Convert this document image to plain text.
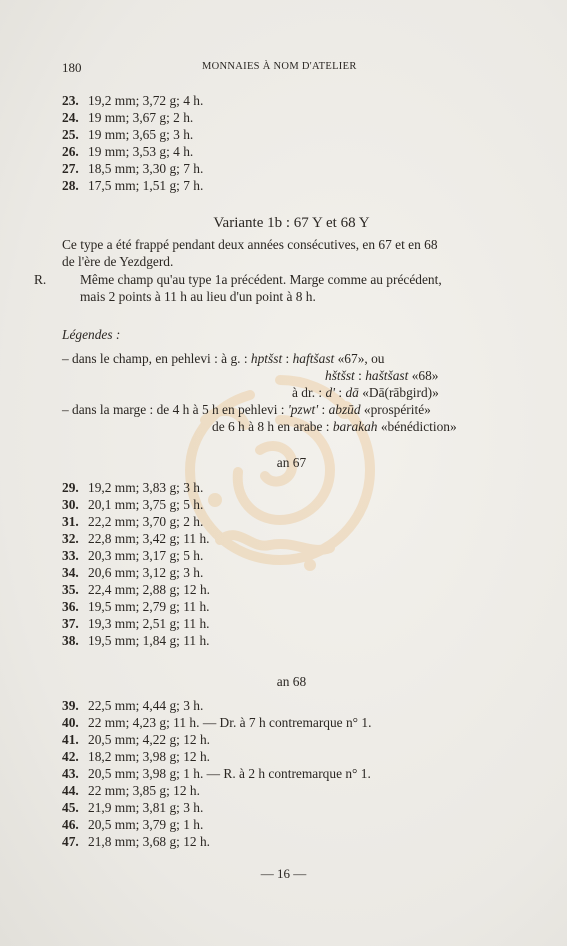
180	MONNAIES À NOM D'ATELIER
23. 19,2 mm; 3,72 g; 4 h.
24. 19 mm; 3,67 g; 2 h.
25. 19 mm; 3,65 g; 3 h.
26. 19 mm; 3,53 g; 4 h.
27. 18,5 mm; 3,30 g; 7 h.
28. 17,5 mm; 1,51 g; 7 h.
Variante 1b : 67 Y et 68 Y

Ce type a été frappé pendant deux années consécutives, en 67 et en 68

de l'ère de Yezdgerd.

R.	Même champ qu'au type 1a précédent. Marge comme au précédent,
mais 2 points à 11 h au lieu d'un point à 8 h.
Légendes :
– dans le champ, en pehlevi : à g. : hptšst : haftšast «67», ou
hštšst : haštšast «68»
à dr. : d' : dā «Dā(rābgird)»
– dans la marge : de 4 h à 5 h en pehlevi : 'pzwt' : abzūd «prospérité»
de 6 h à 8 h en arabe : barakah «bénédiction»
an 67
29. 19,2 mm; 3,83 g; 3 h.
30. 20,1 mm; 3,75 g; 5 h.
31. 22,2 mm; 3,70 g; 2 h.
32. 22,8 mm; 3,42 g; 11 h.
33. 20,3 mm; 3,17 g; 5 h.
34. 20,6 mm; 3,12 g; 3 h.
35. 22,4 mm; 2,88 g; 12 h.
36. 19,5 mm; 2,79 g; 11 h.
37. 19,3 mm; 2,51 g; 11 h.
38. 19,5 mm; 1,84 g; 11 h.
an 68
39. 22,5 mm; 4,44 g; 3 h.
40. 22 mm; 4,23 g; 11 h. — Dr. à 7 h contremarque n° 1.
41. 20,5 mm; 4,22 g; 12 h.
42. 18,2 mm; 3,98 g; 12 h.
43. 20,5 mm; 3,98 g; 1 h. — R. à 2 h contremarque n° 1.
44. 22 mm; 3,85 g; 12 h.
45. 21,9 mm; 3,81 g; 3 h.
46. 20,5 mm; 3,79 g; 1 h.
47. 21,8 mm; 3,68 g; 12 h.
— 16 —
